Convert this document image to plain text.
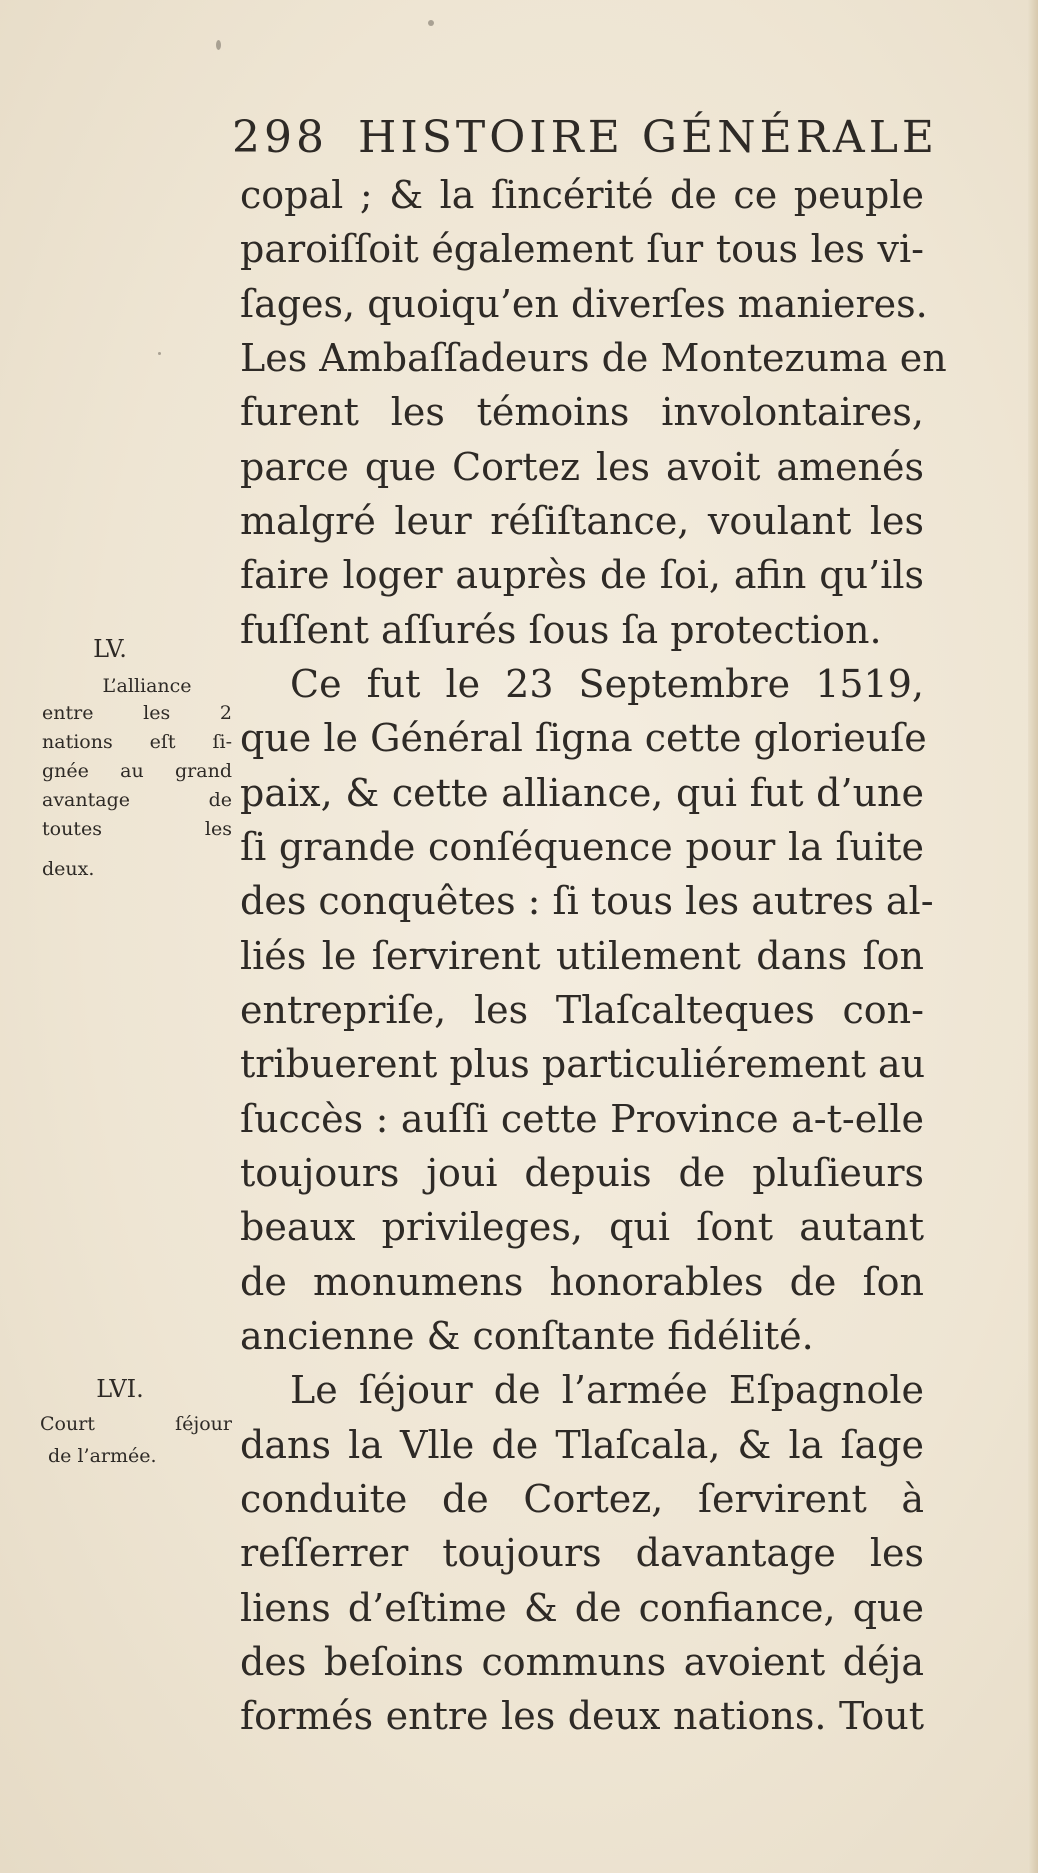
298 HISTOIRE GÉNÉRALE
copal ; & la ſincérité de ce peuple
paroiſſoit également ſur tous les vi-
ſages, quoiqu’en diverſes manieres.
Les Ambaſſadeurs de Montezuma en
furent les témoins involontaires,
parce que Cortez les avoit amenés
malgré leur réſiſtance, voulant les
faire loger auprès de ſoi, afin qu’ils
fuſſent aſſurés ſous ſa protection.
Ce fut le 23 Septembre 1519,
que le Général ſigna cette glorieuſe
paix, & cette alliance, qui fut d’une
ſi grande conſéquence pour la ſuite
des conquêtes : ſi tous les autres al-
liés le ſervirent utilement dans ſon
entrepriſe, les Tlaſcalteques con-
tribuerent plus particuliérement au
ſuccès : auſſi cette Province a-t-elle
toujours joui depuis de pluſieurs
beaux privileges, qui ſont autant
de monumens honorables de ſon
ancienne & conſtante fidélité.
Le ſéjour de l’armée Eſpagnole
dans la Vlle de Tlaſcala, & la ſage
conduite de Cortez, ſervirent à
reſſerrer toujours davantage les
liens d’eſtime & de confiance, que
des beſoins communs avoient déja
formés entre les deux nations. Tout
LV.
L’alliance
entre les 2
nations eſt ſi-
gnée au grand
avantage de
toutes les
deux.
LVI.
Court ſéjour
de l’armée.
